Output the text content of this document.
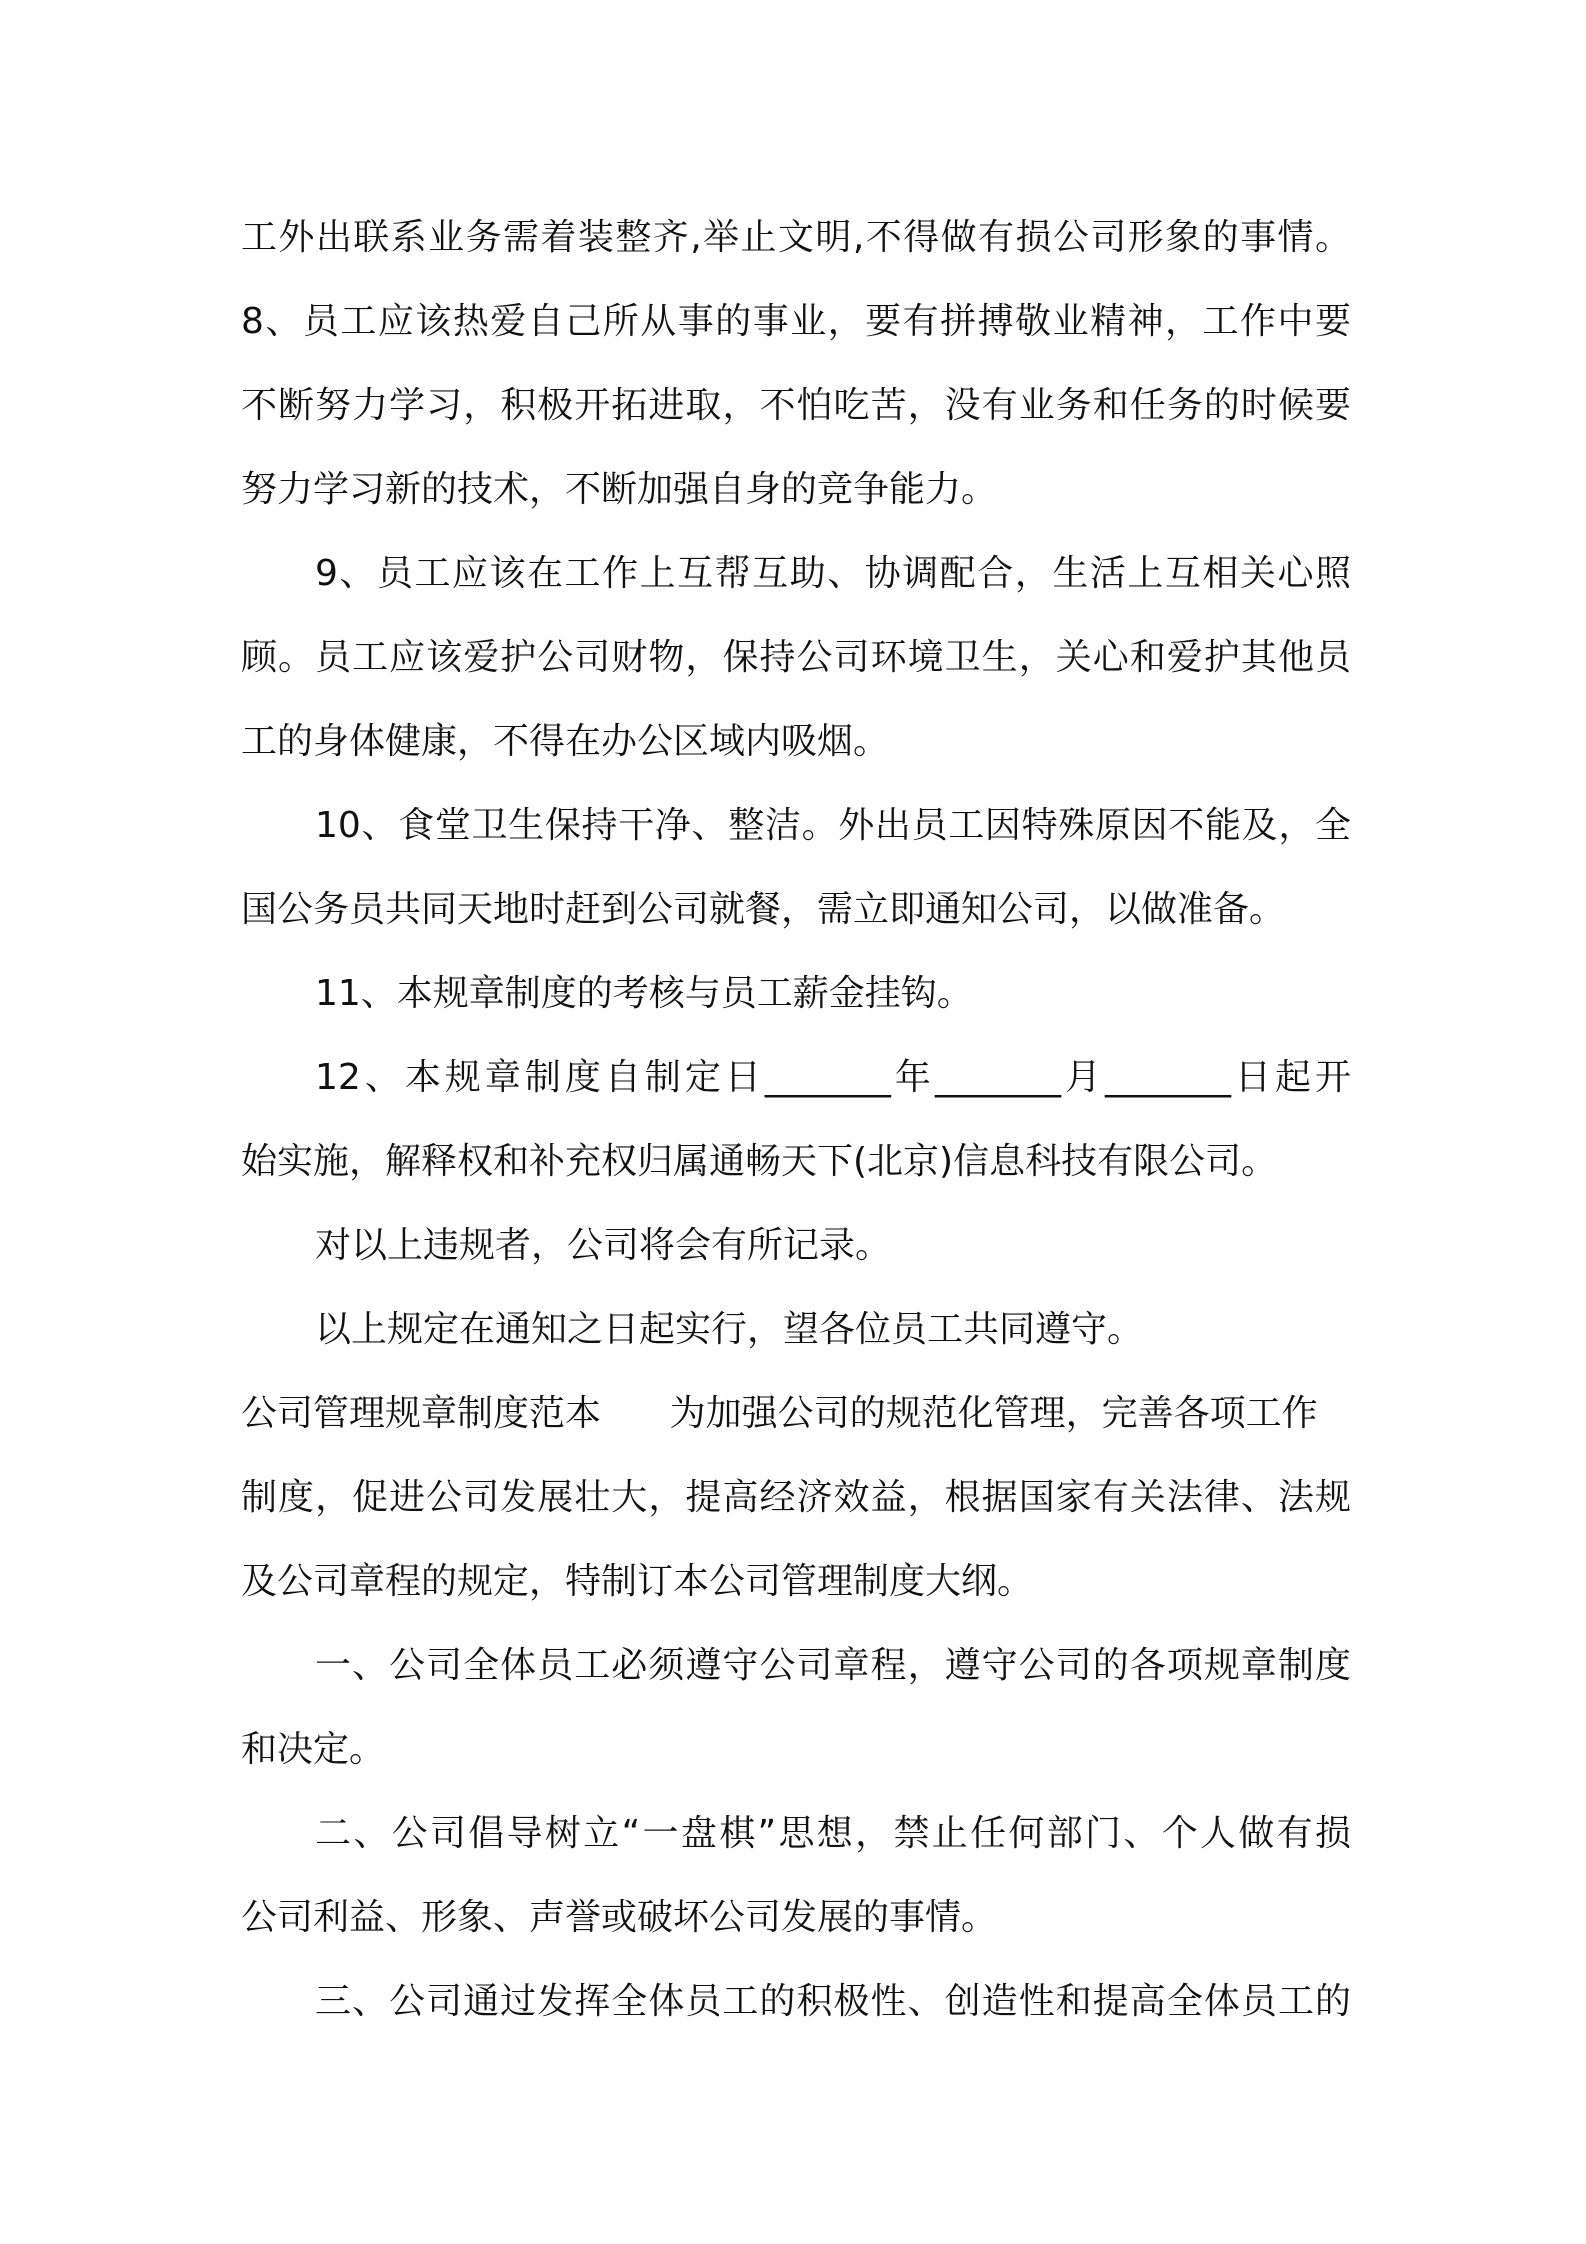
工外出联系业务需着装整齐,举止文明,不得做有损公司形象的事情。
8、员工应该热爱自己所从事的事业，要有拼搏敬业精神，工作中要
不断努力学习，积极开拓进取，不怕吃苦，没有业务和任务的时候要
努力学习新的技术，不断加强自身的竞争能力。
9、员工应该在工作上互帮互助、协调配合，生活上互相关心照
顾。员工应该爱护公司财物，保持公司环境卫生，关心和爱护其他员
工的身体健康，不得在办公区域内吸烟。
10、食堂卫生保持干净、整洁。外出员工因特殊原因不能及，全
国公务员共同天地时赶到公司就餐，需立即通知公司，以做准备。
11、本规章制度的考核与员工薪金挂钩。
12、本规章制度自制定日_______年_______月_______日起开
始实施，解释权和补充权归属通畅天下(北京)信息科技有限公司。
对以上违规者，公司将会有所记录。
以上规定在通知之日起实行，望各位员工共同遵守。
公司管理规章制度范本      为加强公司的规范化管理，完善各项工作
制度，促进公司发展壮大，提高经济效益，根据国家有关法律、法规
及公司章程的规定，特制订本公司管理制度大纲。
一、公司全体员工必须遵守公司章程，遵守公司的各项规章制度
和决定。
二、公司倡导树立“一盘棋”思想，禁止任何部门、个人做有损
公司利益、形象、声誉或破坏公司发展的事情。
三、公司通过发挥全体员工的积极性、创造性和提高全体员工的
